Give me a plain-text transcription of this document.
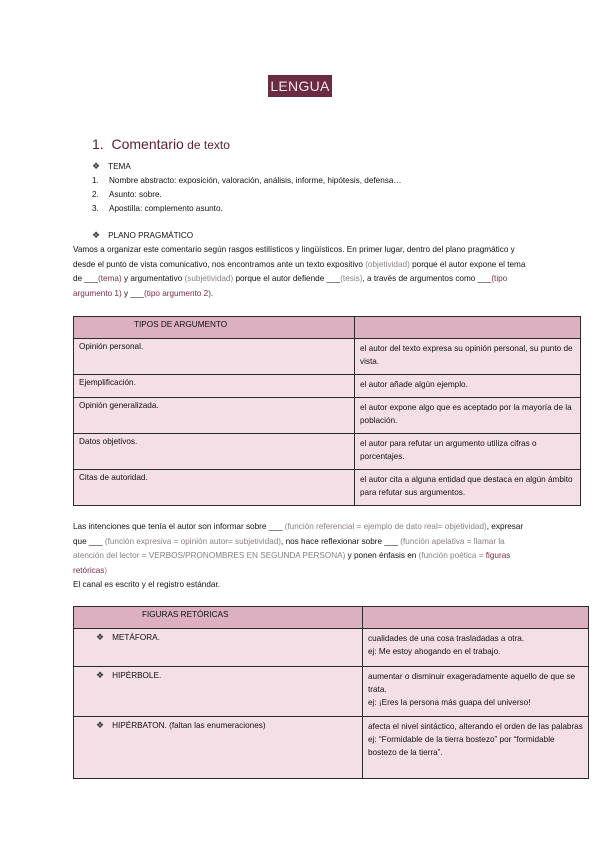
LENGUA
1. Comentario de texto
❖ TEMA
1. Nombre abstracto: exposición, valoración, análisis, informe, hipótesis, defensa…
2. Asunto: sobre.
3. Apostilla: complemento asunto.
❖ PLANO PRAGMÁTICO
Vamos a organizar este comentario según rasgos estilísticos y lingüísticos. En primer lugar, dentro del plano pragmático y desde el punto de vista comunicativo, nos encontramos ante un texto expositivo (objetividad) porque el autor expone el tema de ___(tema) y argumentativo (subjetividad) porque el autor defiende ___(tesis), a través de argumentos como ___(tipo argumento 1) y ___(tipo argumento 2).
TIPOS DE ARGUMENTO	
Opinión personal.	el autor del texto expresa su opinión personal, su punto de vista.
Ejemplificación.	el autor añade algún ejemplo.
Opinión generalizada.	el autor expone algo que es aceptado por la mayoría de la población.
Datos objetivos.	el autor para refutar un argumento utiliza cifras o porcentajes.
Citas de autoridad.	el autor cita a alguna entidad que destaca en algún ámbito para refutar sus argumentos.
Las intenciones que tenía el autor son informar sobre ___ (función referencial = ejemplo de dato real= objetividad), expresar que ___ (función expresiva = opinión autor= subjetividad), nos hace reflexionar sobre ___ (función apelativa = llamar la atención del lector = VERBOS/PRONOMBRES EN SEGUNDA PERSONA) y ponen énfasis en (función poética = figuras retóricas)
El canal es escrito y el registro estándar.
FIGURAS RETÓRICAS	
❖ METÁFORA.	cualidades de una cosa trasladadas a otra.
ej: Me estoy ahogando en el trabajo.
❖ HIPÉRBOLE.	aumentar o disminuir exageradamente aquello de que se trata.
ej: ¡Eres la persona más guapa del universo!
❖ HIPÉRBATON. (faltan las enumeraciones)	afecta el nivel sintáctico, alterando el orden de las palabras
ej: “Formidable de la tierra bostezo” por “formidable bostezo de la tierra”.
